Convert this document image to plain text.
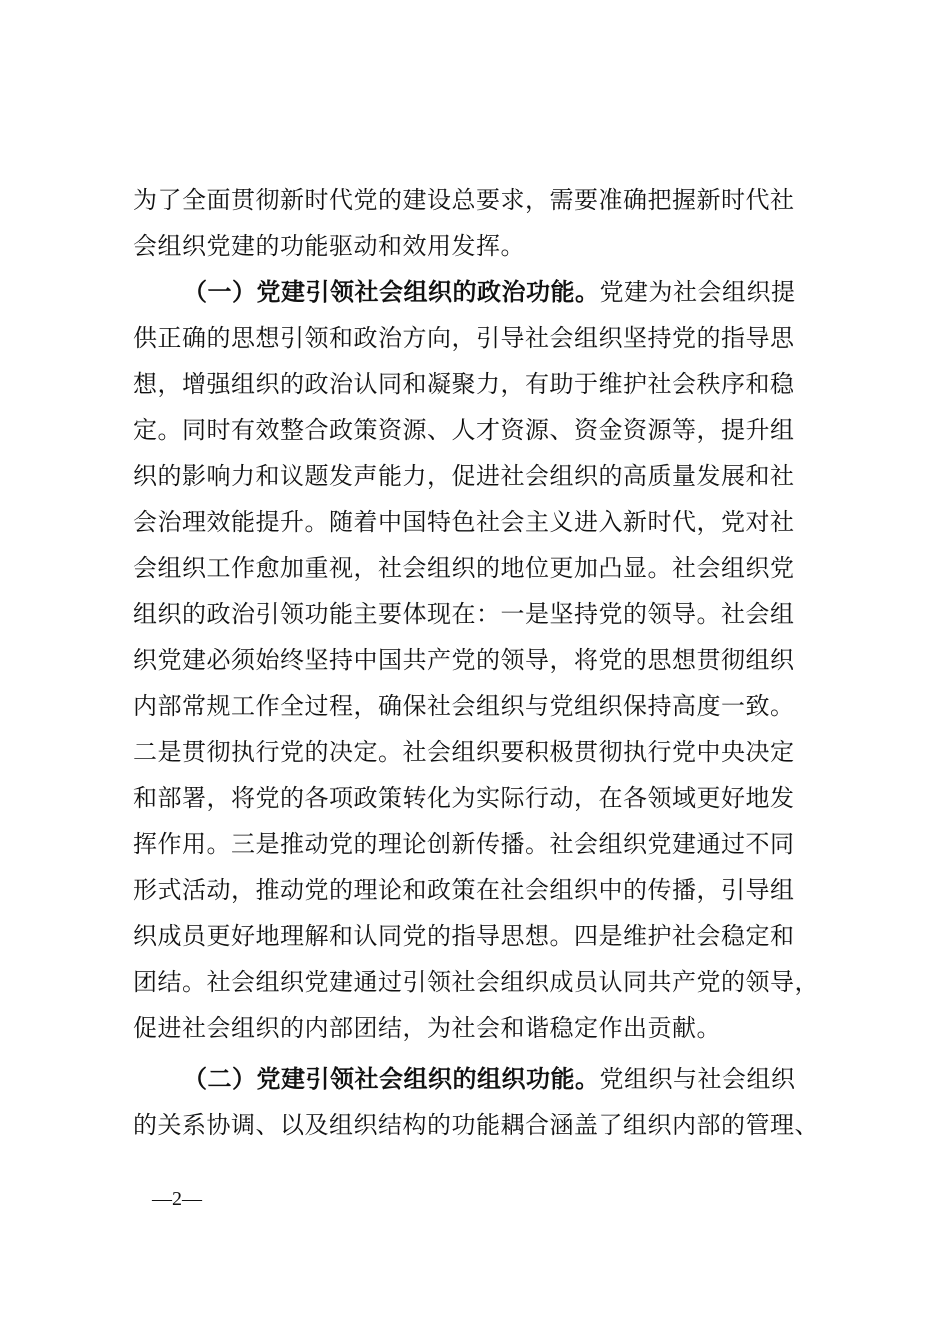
为了全面贯彻新时代党的建设总要求，需要准确把握新时代社
会组织党建的功能驱动和效用发挥。
（一）党建引领社会组织的政治功能。党建为社会组织提
供正确的思想引领和政治方向，引导社会组织坚持党的指导思
想，增强组织的政治认同和凝聚力，有助于维护社会秩序和稳
定。同时有效整合政策资源、人才资源、资金资源等，提升组
织的影响力和议题发声能力，促进社会组织的高质量发展和社
会治理效能提升。随着中国特色社会主义进入新时代，党对社
会组织工作愈加重视，社会组织的地位更加凸显。社会组织党
组织的政治引领功能主要体现在：一是坚持党的领导。社会组
织党建必须始终坚持中国共产党的领导，将党的思想贯彻组织
内部常规工作全过程，确保社会组织与党组织保持高度一致。
二是贯彻执行党的决定。社会组织要积极贯彻执行党中央决定
和部署，将党的各项政策转化为实际行动，在各领域更好地发
挥作用。三是推动党的理论创新传播。社会组织党建通过不同
形式活动，推动党的理论和政策在社会组织中的传播，引导组
织成员更好地理解和认同党的指导思想。四是维护社会稳定和
团结。社会组织党建通过引领社会组织成员认同共产党的领导，
促进社会组织的内部团结，为社会和谐稳定作出贡献。
（二）党建引领社会组织的组织功能。党组织与社会组织
的关系协调、以及组织结构的功能耦合涵盖了组织内部的管理、
—2—
